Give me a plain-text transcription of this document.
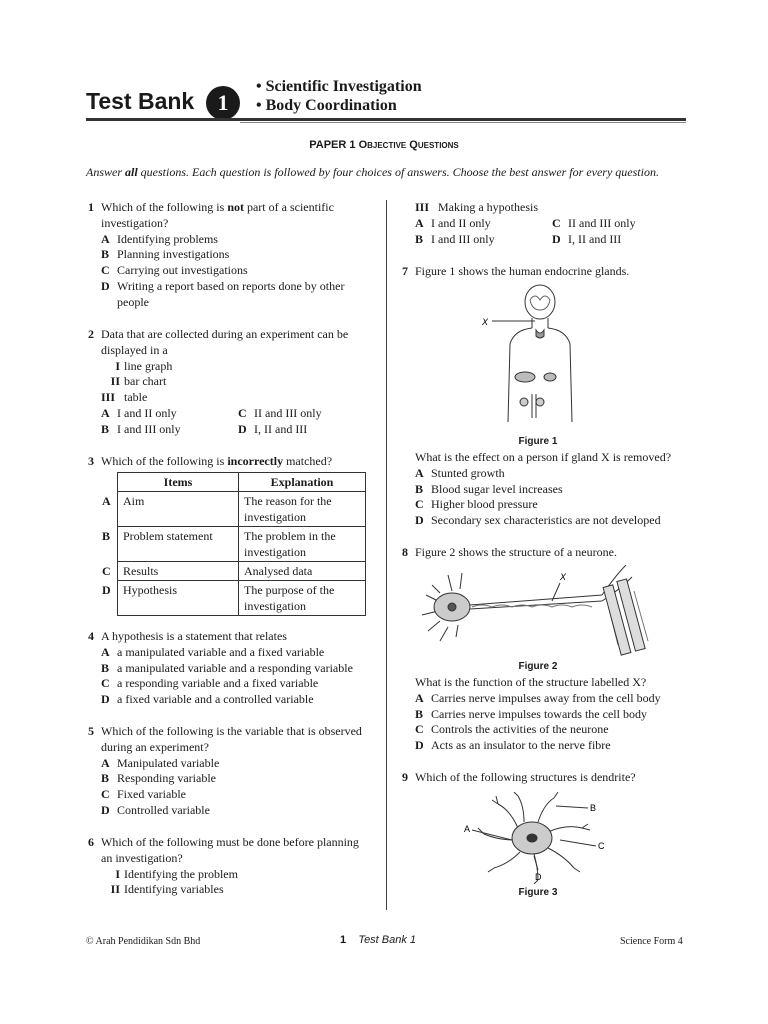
Test Bank	1
• Scientific Investigation
• Body Coordination
PAPER 1 Objective Questions
Answer all questions. Each question is followed by four choices of answers. Choose the best answer for every question.
1 Which of the following is not part of a scientific
investigation?
A Identifying problems
B Planning investigations
C Carrying out investigations
D Writing a report based on reports done by other
people
2 Data that are collected during an experiment can be
displayed in a
I line graph
II bar chart
III table
A I and II only	C II and III only
B I and III only	D I, II and III
3 Which of the following is incorrectly matched?
	Items	Explanation
A	Aim	The reason for the investigation
B	Problem statement	The problem in the investigation
C	Results	Analysed data
D	Hypothesis	The purpose of the investigation
4 A hypothesis is a statement that relates
A a manipulated variable and a fixed variable
B a manipulated variable and a responding variable
C a responding variable and a fixed variable
D a fixed variable and a controlled variable
5 Which of the following is the variable that is observed
during an experiment?
A Manipulated variable
B Responding variable
C Fixed variable
D Controlled variable
6 Which of the following must be done before planning
an investigation?
I Identifying the problem
II Identifying variables
III Making a hypothesis
A I and II only	C II and III only
B I and III only	D I, II and III
7 Figure 1 shows the human endocrine glands.
X
Figure 1
What is the effect on a person if gland X is removed?
A Stunted growth
B Blood sugar level increases
C Higher blood pressure
D Secondary sex characteristics are not developed
8 Figure 2 shows the structure of a neurone.
X
Figure 2
What is the function of the structure labelled X?
A Carries nerve impulses away from the cell body
B Carries nerve impulses towards the cell body
C Controls the activities of the neurone
D Acts as an insulator to the nerve fibre
9 Which of the following structures is dendrite?
A
B
C
D
Figure 3
© Arah Pendidikan Sdn Bhd	1 Test Bank 1	Science Form 4
